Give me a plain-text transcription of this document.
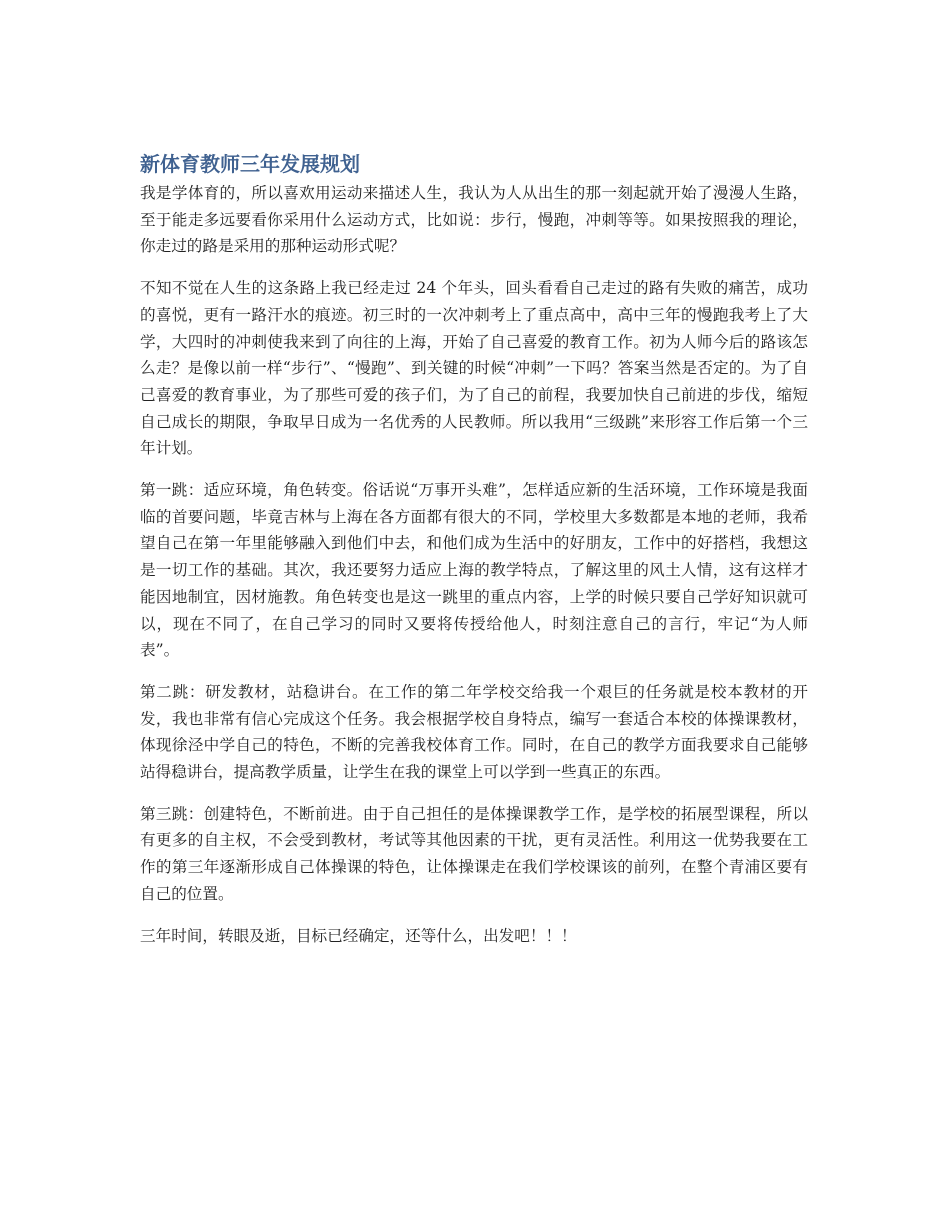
新体育教师三年发展规划

我是学体育的，所以喜欢用运动来描述人生，我认为人从出生的那一刻起就开始了漫漫人生路，至于能走多远要看你采用什么运动方式，比如说：步行，慢跑，冲刺等等。如果按照我的理论，你走过的路是采用的那种运动形式呢？

不知不觉在人生的这条路上我已经走过 24 个年头，回头看看自己走过的路有失败的痛苦，成功的喜悦，更有一路汗水的痕迹。初三时的一次冲刺考上了重点高中，高中三年的慢跑我考上了大学，大四时的冲刺使我来到了向往的上海，开始了自己喜爱的教育工作。初为人师今后的路该怎么走？是像以前一样“步行”、“慢跑”、到关键的时候“冲刺”一下吗？答案当然是否定的。为了自己喜爱的教育事业，为了那些可爱的孩子们，为了自己的前程，我要加快自己前进的步伐，缩短自己成长的期限，争取早日成为一名优秀的人民教师。所以我用“三级跳”来形容工作后第一个三年计划。

第一跳：适应环境，角色转变。俗话说“万事开头难”，怎样适应新的生活环境，工作环境是我面临的首要问题，毕竟吉林与上海在各方面都有很大的不同，学校里大多数都是本地的老师，我希望自己在第一年里能够融入到他们中去，和他们成为生活中的好朋友，工作中的好搭档，我想这是一切工作的基础。其次，我还要努力适应上海的教学特点，了解这里的风土人情，这有这样才能因地制宜，因材施教。角色转变也是这一跳里的重点内容，上学的时候只要自己学好知识就可以，现在不同了，在自己学习的同时又要将传授给他人，时刻注意自己的言行，牢记“为人师表”。

第二跳：研发教材，站稳讲台。在工作的第二年学校交给我一个艰巨的任务就是校本教材的开发，我也非常有信心完成这个任务。我会根据学校自身特点，编写一套适合本校的体操课教材，体现徐泾中学自己的特色，不断的完善我校体育工作。同时，在自己的教学方面我要求自己能够站得稳讲台，提高教学质量，让学生在我的课堂上可以学到一些真正的东西。

第三跳：创建特色，不断前进。由于自己担任的是体操课教学工作，是学校的拓展型课程，所以有更多的自主权，不会受到教材，考试等其他因素的干扰，更有灵活性。利用这一优势我要在工作的第三年逐渐形成自己体操课的特色，让体操课走在我们学校课该的前列，在整个青浦区要有自己的位置。

三年时间，转眼及逝，目标已经确定，还等什么，出发吧！！！
